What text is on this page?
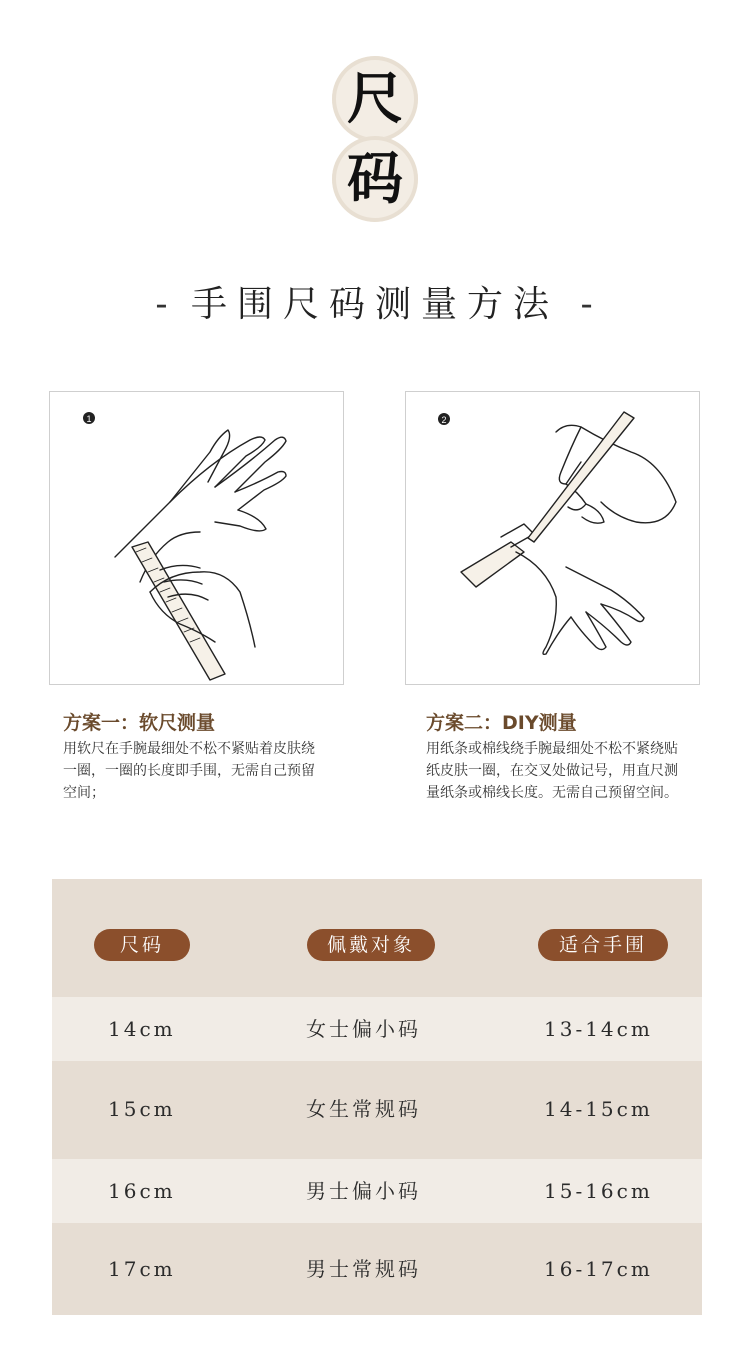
尺
码
- 手围尺码测量方法 -
1	2
方案一：软尺测量
用软尺在手腕最细处不松不紧贴着皮肤绕一圈，一圈的长度即手围，无需自己预留空间；
方案二：DIY测量
用纸条或棉线绕手腕最细处不松不紧绕贴纸皮肤一圈，在交叉处做记号，用直尺测量纸条或棉线长度。无需自己预留空间。
尺码	佩戴对象	适合手围
14cm	女士偏小码	13-14cm
15cm	女生常规码	14-15cm
16cm	男士偏小码	15-16cm
17cm	男士常规码	16-17cm
